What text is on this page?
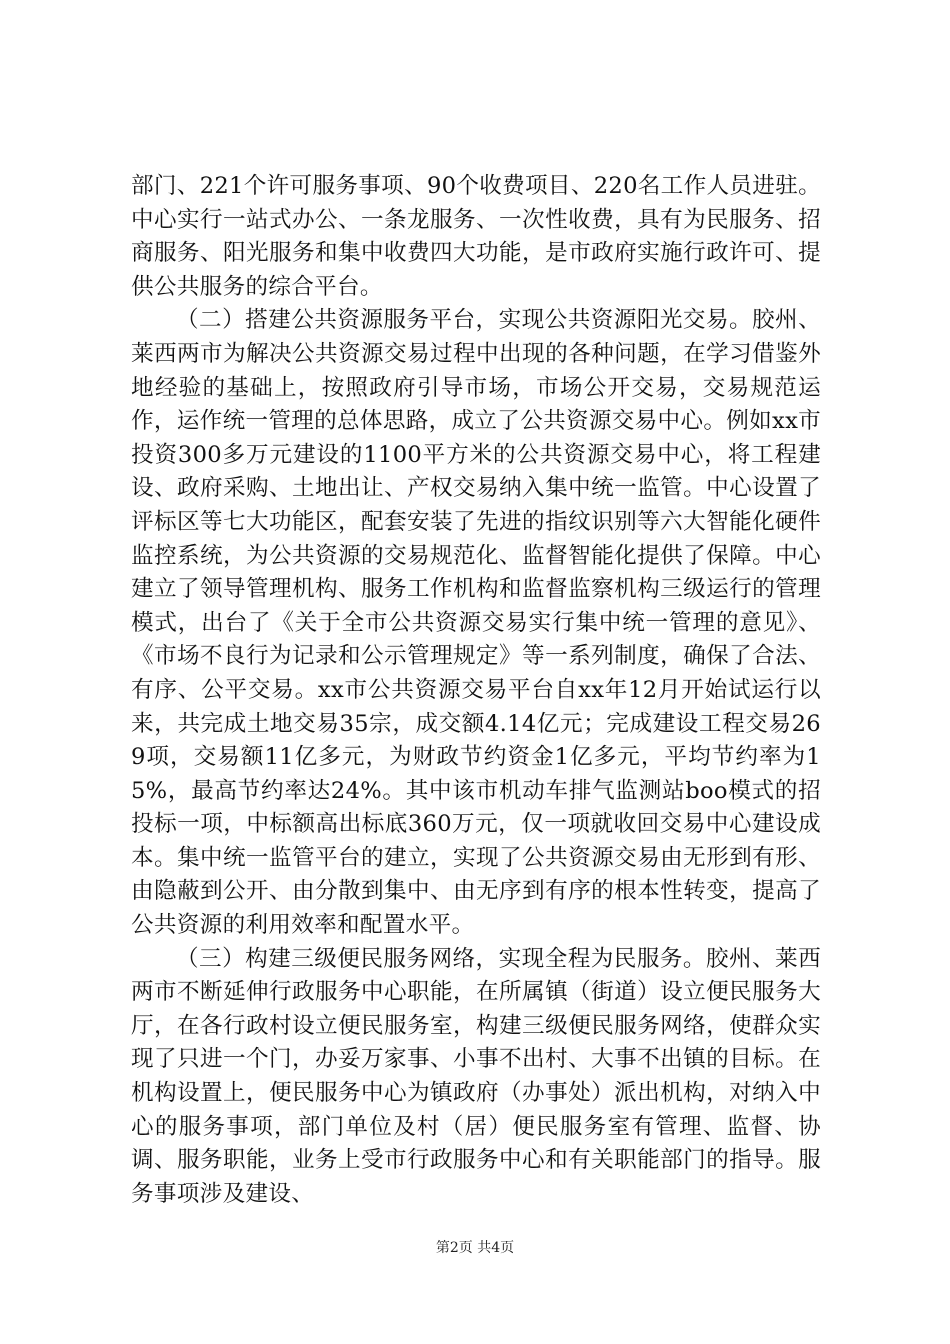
部门、221个许可服务事项、90个收费项目、220名工作人员进驻。中心实行一站式办公、一条龙服务、一次性收费，具有为民服务、招商服务、阳光服务和集中收费四大功能，是市政府实施行政许可、提供公共服务的综合平台。

（二）搭建公共资源服务平台，实现公共资源阳光交易。胶州、莱西两市为解决公共资源交易过程中出现的各种问题，在学习借鉴外地经验的基础上，按照政府引导市场，市场公开交易，交易规范运作，运作统一管理的总体思路，成立了公共资源交易中心。例如xx市投资300多万元建设的1100平方米的公共资源交易中心，将工程建设、政府采购、土地出让、产权交易纳入集中统一监管。中心设置了评标区等七大功能区，配套安装了先进的指纹识别等六大智能化硬件监控系统，为公共资源的交易规范化、监督智能化提供了保障。中心建立了领导管理机构、服务工作机构和监督监察机构三级运行的管理模式，出台了《关于全市公共资源交易实行集中统一管理的意见》、《市场不良行为记录和公示管理规定》等一系列制度，确保了合法、有序、公平交易。xx市公共资源交易平台自xx年12月开始试运行以来，共完成土地交易35宗，成交额4.14亿元；完成建设工程交易269项，交易额11亿多元，为财政节约资金1亿多元，平均节约率为15%，最高节约率达24%。其中该市机动车排气监测站boo模式的招投标一项，中标额高出标底360万元，仅一项就收回交易中心建设成本。集中统一监管平台的建立，实现了公共资源交易由无形到有形、由隐蔽到公开、由分散到集中、由无序到有序的根本性转变，提高了公共资源的利用效率和配置水平。

（三）构建三级便民服务网络，实现全程为民服务。胶州、莱西两市不断延伸行政服务中心职能，在所属镇（街道）设立便民服务大厅，在各行政村设立便民服务室，构建三级便民服务网络，使群众实现了只进一个门，办妥万家事、小事不出村、大事不出镇的目标。在机构设置上，便民服务中心为镇政府（办事处）派出机构，对纳入中心的服务事项，部门单位及村（居）便民服务室有管理、监督、协调、服务职能，业务上受市行政服务中心和有关职能部门的指导。服务事项涉及建设、

第2页 共4页
